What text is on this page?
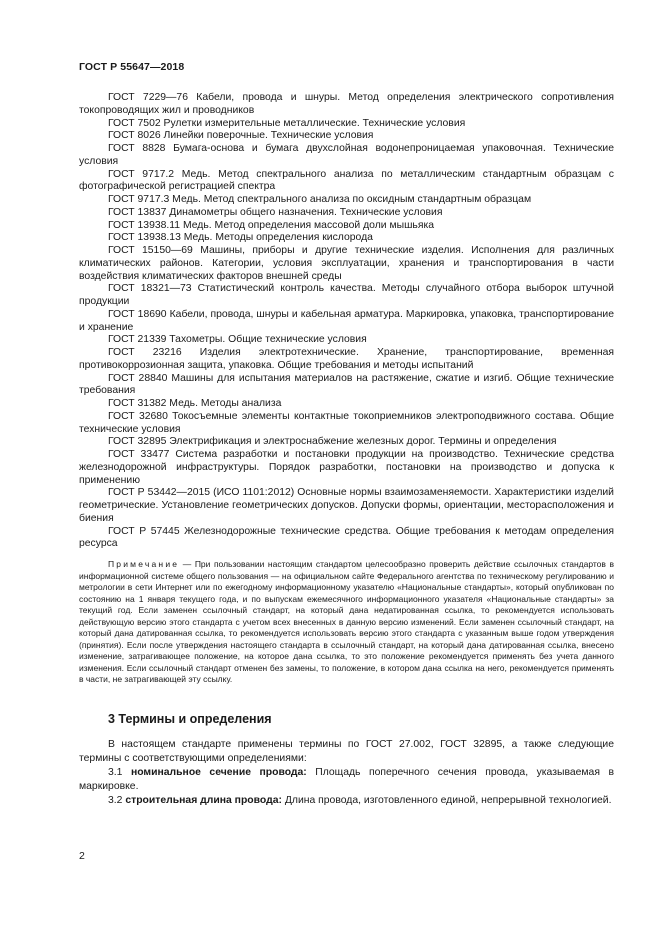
ГОСТ Р 55647—2018

ГОСТ 7229—76 Кабели, провода и шнуры. Метод определения электрического сопротивления токопроводящих жил и проводников

ГОСТ 7502 Рулетки измерительные металлические. Технические условия

ГОСТ 8026 Линейки поверочные. Технические условия

ГОСТ 8828 Бумага-основа и бумага двухслойная водонепроницаемая упаковочная. Технические условия

ГОСТ 9717.2 Медь. Метод спектрального анализа по металлическим стандартным образцам с фотографической регистрацией спектра

ГОСТ 9717.3 Медь. Метод спектрального анализа по оксидным стандартным образцам

ГОСТ 13837 Динамометры общего назначения. Технические условия

ГОСТ 13938.11 Медь. Метод определения массовой доли мышьяка

ГОСТ 13938.13 Медь. Методы определения кислорода

ГОСТ 15150—69 Машины, приборы и другие технические изделия. Исполнения для различных климатических районов. Категории, условия эксплуатации, хранения и транспортирования в части воздействия климатических факторов внешней среды

ГОСТ 18321—73 Статистический контроль качества. Методы случайного отбора выборок штучной продукции

ГОСТ 18690 Кабели, провода, шнуры и кабельная арматура. Маркировка, упаковка, транспортирование и хранение

ГОСТ 21339 Тахометры. Общие технические условия

ГОСТ 23216 Изделия электротехнические. Хранение, транспортирование, временная противокоррозионная защита, упаковка. Общие требования и методы испытаний

ГОСТ 28840 Машины для испытания материалов на растяжение, сжатие и изгиб. Общие технические требования

ГОСТ 31382 Медь. Методы анализа

ГОСТ 32680 Токосъемные элементы контактные токоприемников электроподвижного состава. Общие технические условия

ГОСТ 32895 Электрификация и электроснабжение железных дорог. Термины и определения

ГОСТ 33477 Система разработки и постановки продукции на производство. Технические средства железнодорожной инфраструктуры. Порядок разработки, постановки на производство и допуска к применению

ГОСТ Р 53442—2015 (ИСО 1101:2012) Основные нормы взаимозаменяемости. Характеристики изделий геометрические. Установление геометрических допусков. Допуски формы, ориентации, месторасположения и биения

ГОСТ Р 57445 Железнодорожные технические средства. Общие требования к методам определения ресурса

Примечание — При пользовании настоящим стандартом целесообразно проверить действие ссылочных стандартов в информационной системе общего пользования — на официальном сайте Федерального агентства по техническому регулированию и метрологии в сети Интернет или по ежегодному информационному указателю «Национальные стандарты», который опубликован по состоянию на 1 января текущего года, и по выпускам ежемесячного информационного указателя «Национальные стандарты» за текущий год. Если заменен ссылочный стандарт, на который дана недатированная ссылка, то рекомендуется использовать действующую версию этого стандарта с учетом всех внесенных в данную версию изменений. Если заменен ссылочный стандарт, на который дана датированная ссылка, то рекомендуется использовать версию этого стандарта с указанным выше годом утверждения (принятия). Если после утверждения настоящего стандарта в ссылочный стандарт, на который дана датированная ссылка, внесено изменение, затрагивающее положение, на которое дана ссылка, то это положение рекомендуется применять без учета данного изменения. Если ссылочный стандарт отменен без замены, то положение, в котором дана ссылка на него, рекомендуется применять в части, не затрагивающей эту ссылку.

3 Термины и определения

В настоящем стандарте применены термины по ГОСТ 27.002, ГОСТ 32895, а также следующие термины с соответствующими определениями:

3.1 номинальное сечение провода: Площадь поперечного сечения провода, указываемая в маркировке.

3.2 строительная длина провода: Длина провода, изготовленного единой, непрерывной технологией.

2
